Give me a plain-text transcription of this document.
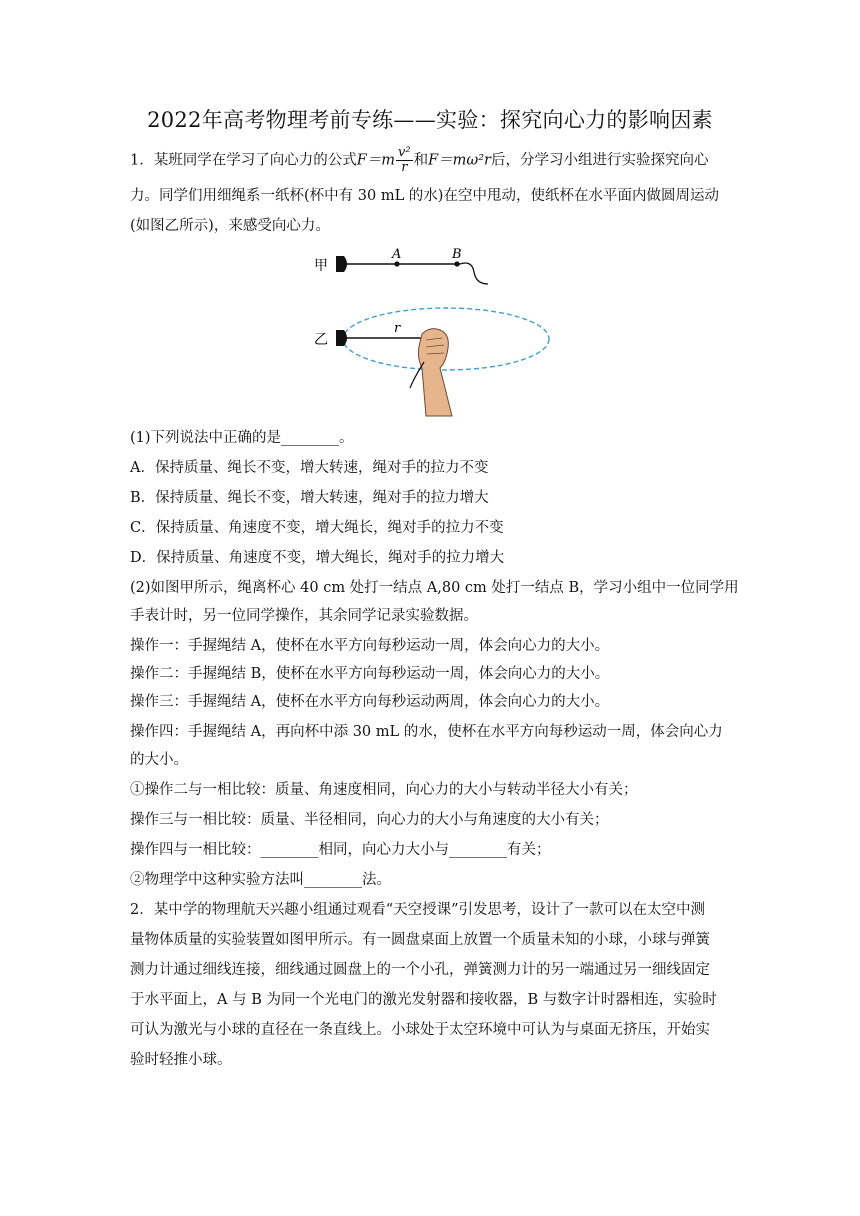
2022年高考物理考前专练——实验：探究向心力的影响因素
1．某班同学在学习了向心力的公式$F=m \frac{\text{v²}}{r}$ 和F＝mω²r后，分学习小组进行实验探究向心
力。同学们用细绳系一纸杯(杯中有 30 mL 的水)在空中甩动，使纸杯在水平面内做圆周运动
(如图乙所示)，来感受向心力。
甲
A	B
乙
r
(1)下列说法中正确的是________。
A．保持质量、绳长不变，增大转速，绳对手的拉力不变
B．保持质量、绳长不变，增大转速，绳对手的拉力增大
C．保持质量、角速度不变，增大绳长，绳对手的拉力不变
D．保持质量、角速度不变，增大绳长，绳对手的拉力增大
(2)如图甲所示，绳离杯心 40 cm 处打一结点 A,80 cm 处打一结点 B，学习小组中一位同学用
手表计时，另一位同学操作，其余同学记录实验数据。
操作一：手握绳结 A，使杯在水平方向每秒运动一周，体会向心力的大小。
操作二：手握绳结 B，使杯在水平方向每秒运动一周，体会向心力的大小。
操作三：手握绳结 A，使杯在水平方向每秒运动两周，体会向心力的大小。
操作四：手握绳结 A，再向杯中添 30 mL 的水，使杯在水平方向每秒运动一周，体会向心力
的大小。
①操作二与一相比较：质量、角速度相同，向心力的大小与转动半径大小有关；
操作三与一相比较：质量、半径相同，向心力的大小与角速度的大小有关；
操作四与一相比较：________相同，向心力大小与________有关；
②物理学中这种实验方法叫________法。
2．某中学的物理航天兴趣小组通过观看“天空授课”引发思考，设计了一款可以在太空中测
量物体质量的实验装置如图甲所示。有一圆盘桌面上放置一个质量未知的小球，小球与弹簧
测力计通过细线连接，细线通过圆盘上的一个小孔，弹簧测力计的另一端通过另一细线固定
于水平面上，A 与 B 为同一个光电门的激光发射器和接收器，B 与数字计时器相连，实验时
可认为激光与小球的直径在一条直线上。小球处于太空环境中可认为与桌面无挤压，开始实
验时轻推小球。
